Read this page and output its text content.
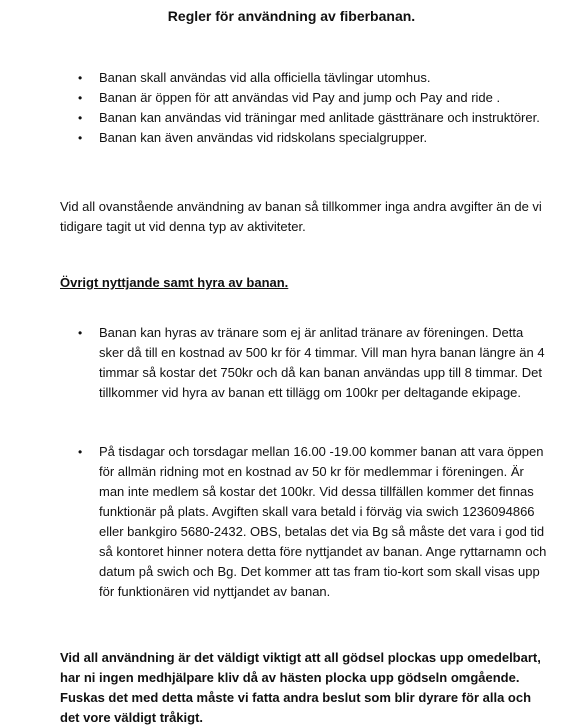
Regler för användning av fiberbanan.
• Banan skall användas vid alla officiella tävlingar utomhus.
• Banan är öppen för att användas vid Pay and jump och Pay and ride .
• Banan kan användas vid träningar med anlitade gästtränare och instruktörer.
• Banan kan även användas vid ridskolans specialgrupper.

Vid all ovanstående användning av banan så tillkommer inga andra avgifter än de vi tidigare tagit ut vid denna typ av aktiviteter.

Övrigt nyttjande samt hyra av banan.
• Banan kan hyras av tränare som ej är anlitad tränare av föreningen. Detta sker då till en kostnad av 500 kr för 4 timmar. Vill man hyra banan längre än 4 timmar så kostar det 750kr och då kan banan användas upp till 8 timmar. Det tillkommer vid hyra av banan ett tillägg om 100kr per deltagande ekipage.
• På tisdagar och torsdagar mellan 16.00 -19.00 kommer banan att vara öppen för allmän ridning mot en kostnad av 50 kr för medlemmar i föreningen. Är man inte medlem så kostar det 100kr. Vid dessa tillfällen kommer det finnas funktionär på plats. Avgiften skall vara betald i förväg via swich 1236094866 eller bankgiro 5680-2432. OBS, betalas det via Bg så måste det vara i god tid så kontoret hinner notera detta före nyttjandet av banan. Ange ryttarnamn och datum på swich och Bg. Det kommer att tas fram tio-kort som skall visas upp för funktionären vid nyttjandet av banan.

Vid all användning är det väldigt viktigt att all gödsel plockas upp omedelbart, har ni ingen medhjälpare kliv då av hästen plocka upp gödseln omgående. Fuskas det med detta måste vi fatta andra beslut som blir dyrare för alla och det vore väldigt tråkigt.
